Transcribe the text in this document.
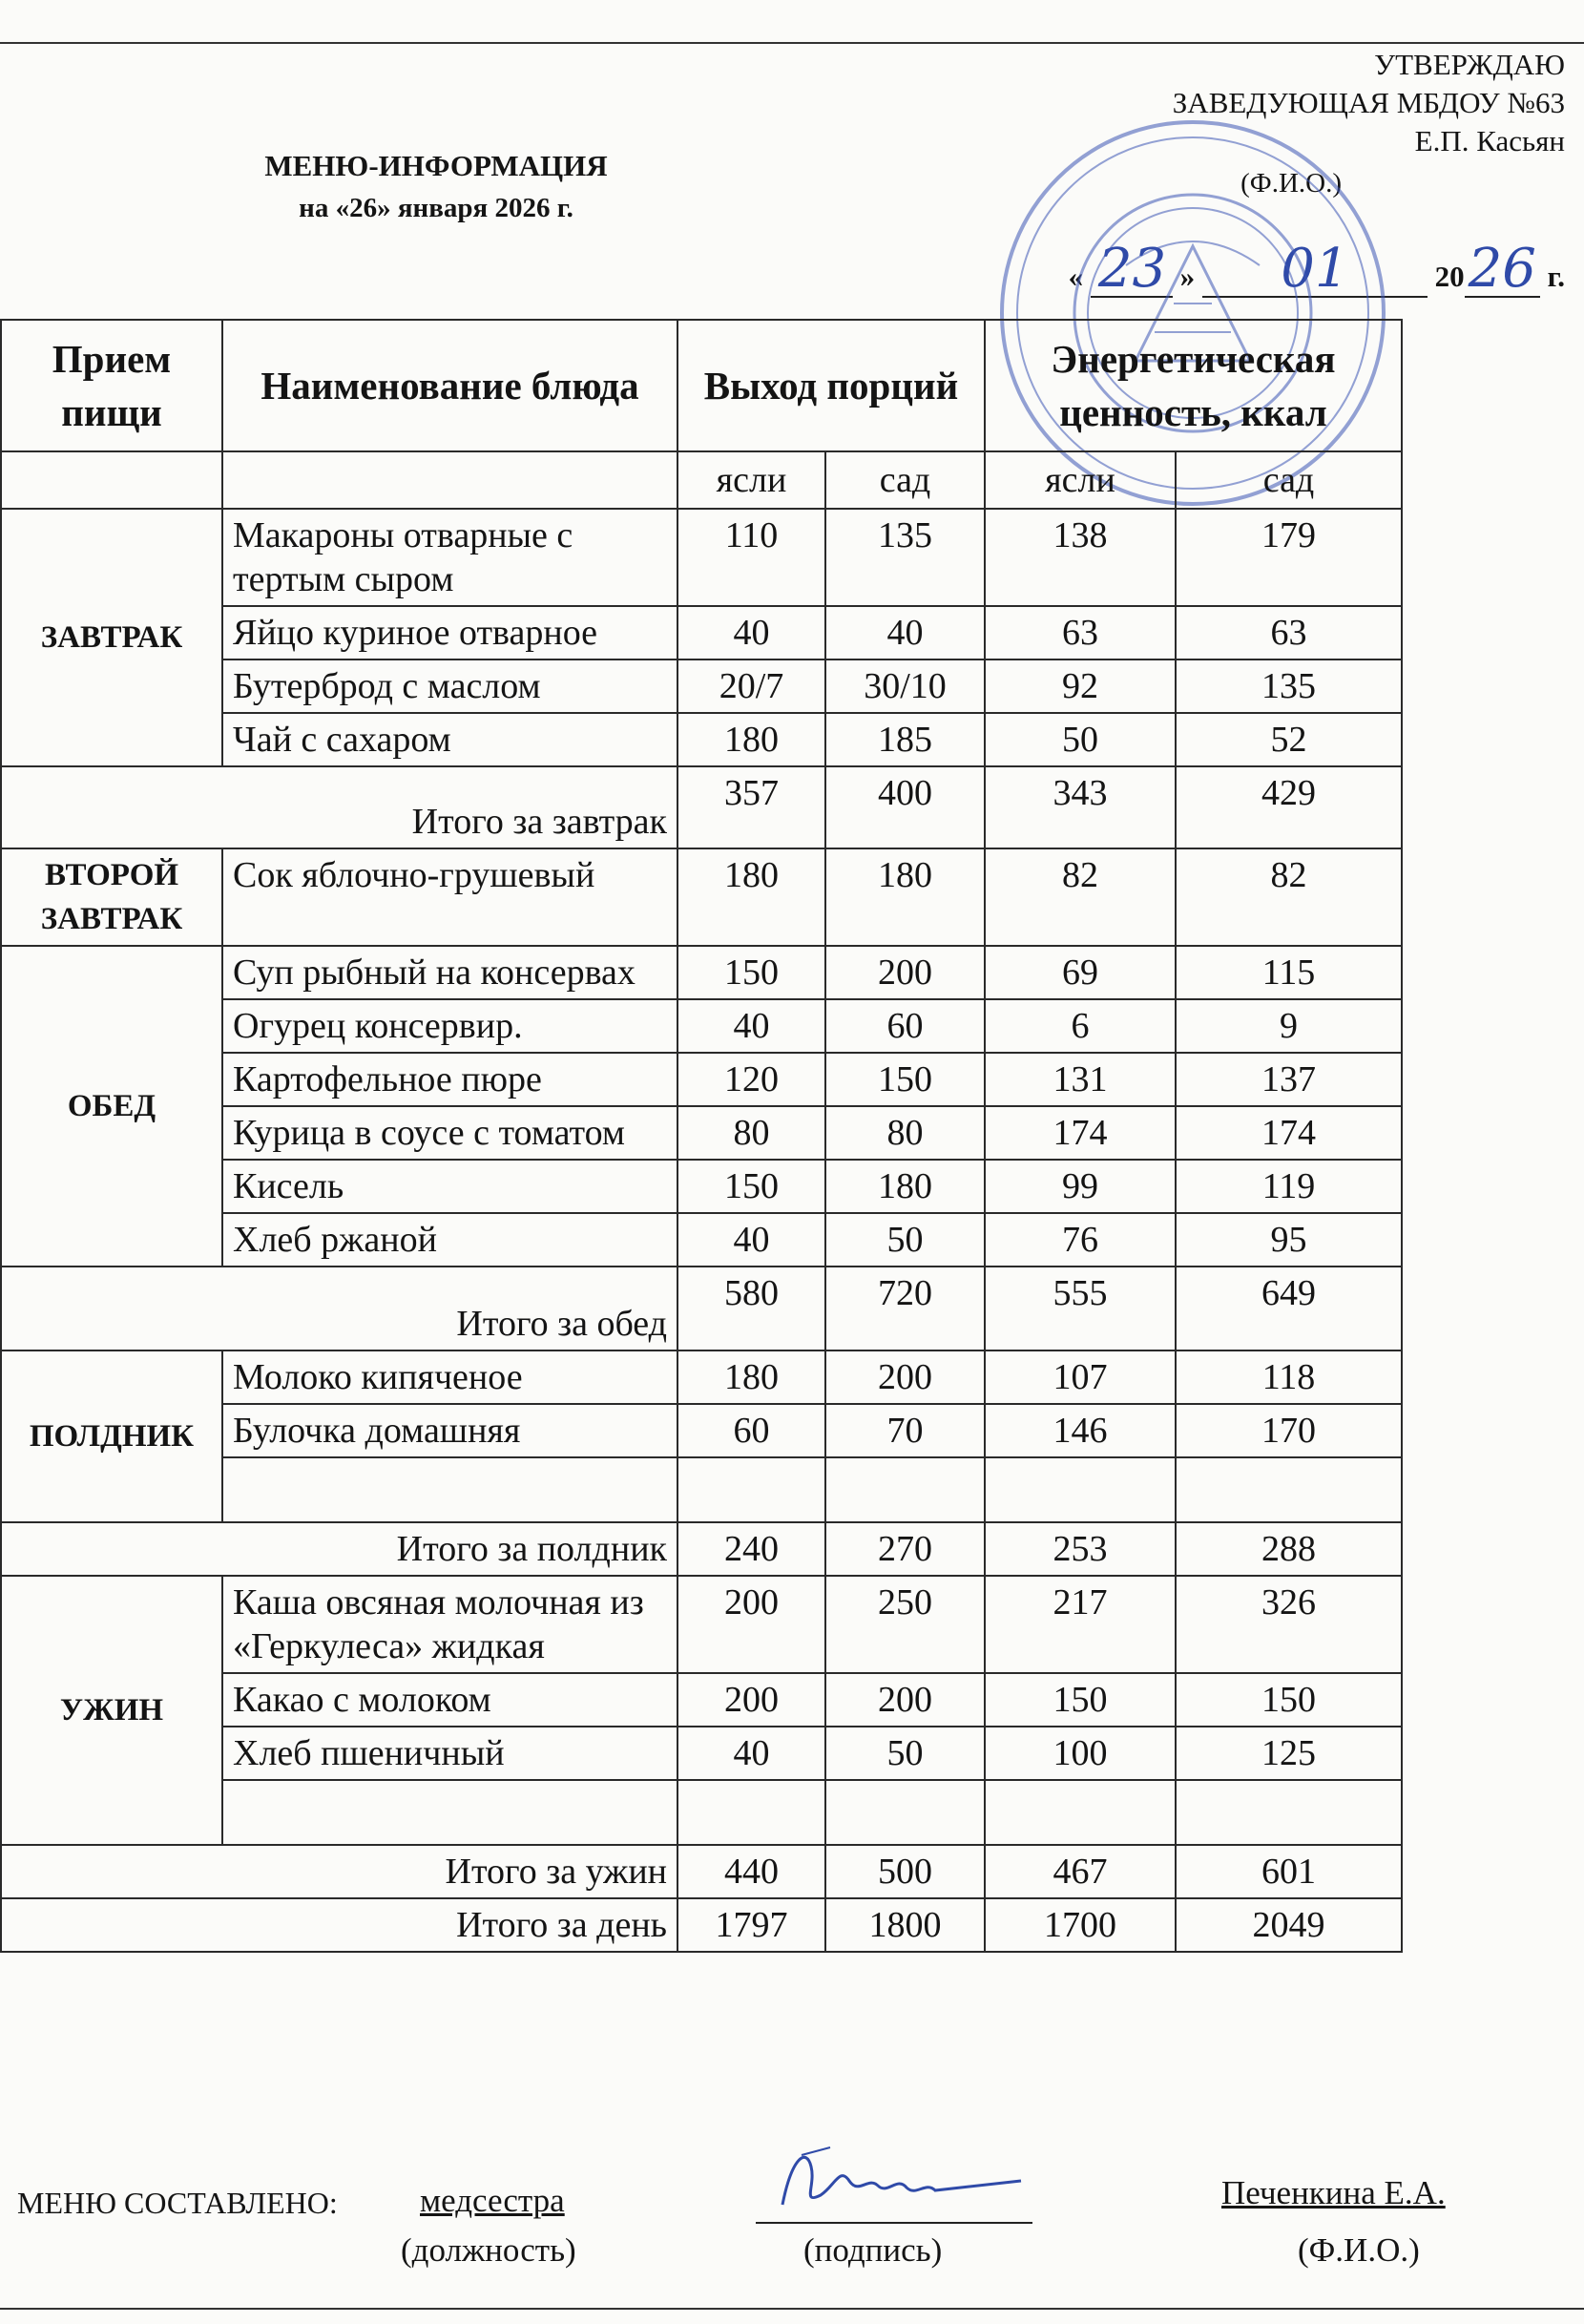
УТВЕРЖДАЮ
ЗАВЕДУЮЩАЯ МБДОУ №63
Е.П. Касьян
(Ф.И.О.)
« 23 » 01	2026 г.
МЕНЮ-ИНФОРМАЦИЯ
на «26» января 2026 г.
Прием пищи	Наименование блюда	Выход порций		Энергетическая ценность, ккал	
		ясли	сад	ясли	сад
ЗАВТРАК	Макароны отварные с тертым сыром	110	135	138	179
	Яйцо куриное отварное	40	40	63	63
	Бутерброд с маслом	20/7	30/10	92	135
	Чай с сахаром	180	185	50	52
Итого за завтрак		357	400	343	429
ВТОРОЙ ЗАВТРАК	Сок яблочно-грушевый	180	180	82	82
ОБЕД	Суп рыбный на консервах	150	200	69	115
	Огурец консервир.	40	60	6	9
	Картофельное пюре	120	150	131	137
	Курица в соусе с томатом	80	80	174	174
	Кисель	150	180	99	119
	Хлеб ржаной	40	50	76	95
Итого за обед		580	720	555	649
ПОЛДНИК	Молоко кипяченое	180	200	107	118
	Булочка домашняя	60	70	146	170

Итого за полдник		240	270	253	288
УЖИН	Каша овсяная молочная из «Геркулеса» жидкая	200	250	217	326
	Какао с молоком	200	200	150	150
	Хлеб пшеничный	40	50	100	125

Итого за ужин		440	500	467	601
Итого за день		1797	1800	1700	2049
МЕНЮ СОСТАВЛЕНО: медсестра
(должность)	(подпись)
Печенкина Е.А.
(Ф.И.О.)
